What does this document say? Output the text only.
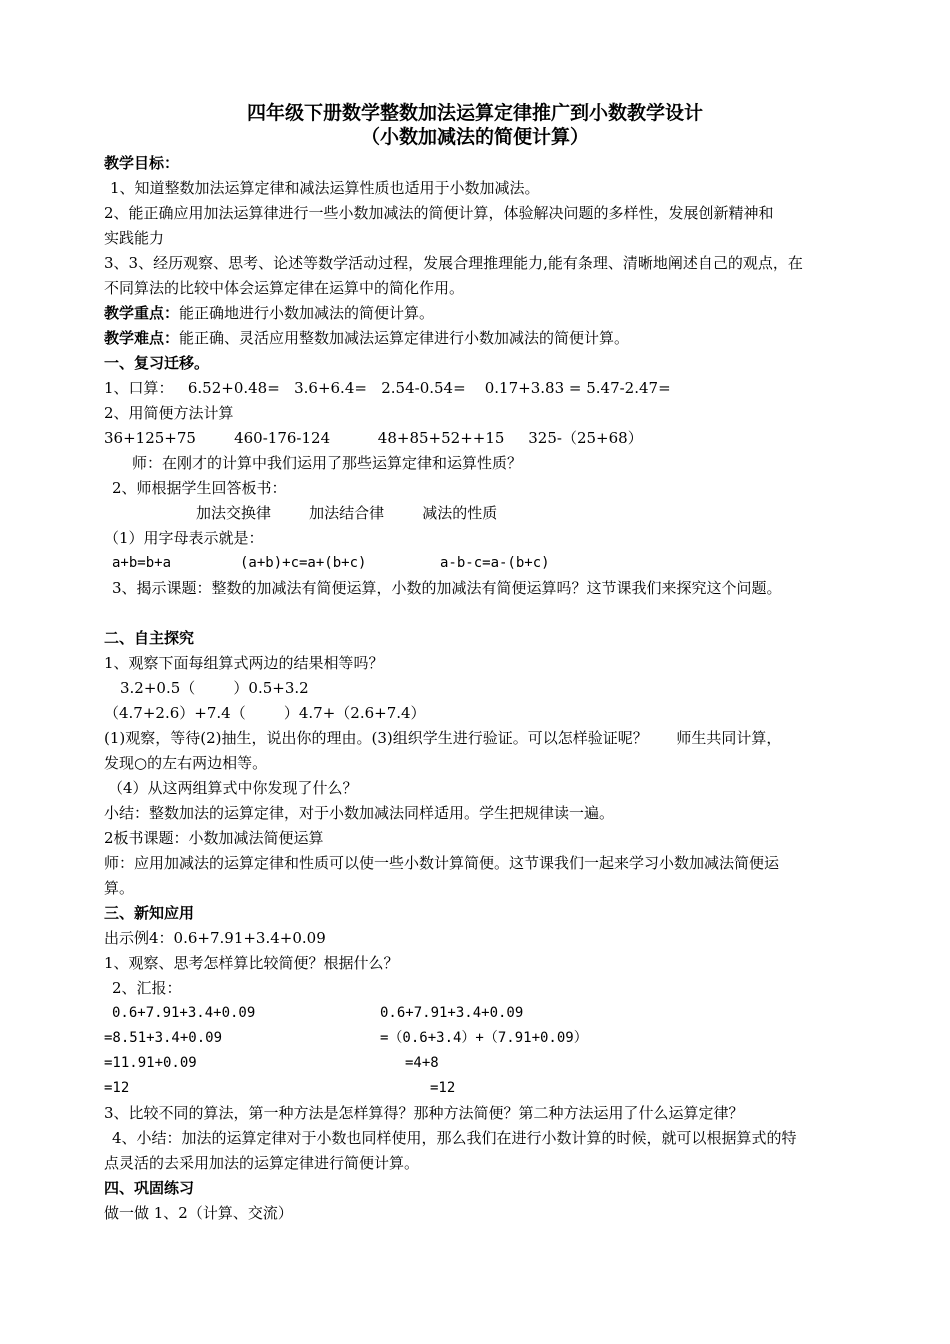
四年级下册数学整数加法运算定律推广到小数教学设计
（小数加减法的简便计算）
教学目标：
1、知道整数加法运算定律和减法运算性质也适用于小数加减法。
2、能正确应用加法运算律进行一些小数加减法的简便计算，体验解决问题的多样性，发展创新精神和
实践能力
3、3、经历观察、思考、论述等数学活动过程，发展合理推理能力,能有条理、清晰地阐述自己的观点，在
不同算法的比较中体会运算定律在运算中的简化作用。
教学重点：能正确地进行小数加减法的简便计算。
教学难点：能正确、灵活应用整数加减法运算定律进行小数加减法的简便计算。
一、复习迁移。
1、口算：   6.52+0.48=   3.6+6.4=   2.54-0.54=    0.17+3.83 = 5.47-2.47=
2、用简便方法计算
36+125+75        460-176-124          48+85+52++15     325-（25+68）
师：在刚才的计算中我们运用了那些运算定律和运算性质？
2、师根据学生回答板书：
加法交换律        加法结合律        减法的性质
（1）用字母表示就是：
a+b=b+a	(a+b)+c=a+(b+c)	a-b-c=a-(b+c)
3、揭示课题：整数的加减法有简便运算，小数的加减法有简便运算吗？这节课我们来探究这个问题。
二、自主探究
1、观察下面每组算式两边的结果相等吗？
3.2+0.5（        ）0.5+3.2
（4.7+2.6）+7.4（        ）4.7+（2.6+7.4）
(1)观察，等待(2)抽生，说出你的理由。(3)组织学生进行验证。可以怎样验证呢？      师生共同计算，
发现○的左右两边相等。
（4）从这两组算式中你发现了什么？
小结：整数加法的运算定律，对于小数加减法同样适用。学生把规律读一遍。
2板书课题：小数加减法简便运算
师：应用加减法的运算定律和性质可以使一些小数计算简便。这节课我们一起来学习小数加减法简便运
算。
三、新知应用
出示例4：0.6+7.91+3.4+0.09
1、观察、思考怎样算比较简便？根据什么？
2、汇报：
0.6+7.91+3.4+0.09
=8.51+3.4+0.09
=11.91+0.09
=12
0.6+7.91+3.4+0.09
=（0.6+3.4）+（7.91+0.09）
=4+8
=12
3、比较不同的算法，第一种方法是怎样算得？那种方法简便？第二种方法运用了什么运算定律？
4、小结：加法的运算定律对于小数也同样使用，那么我们在进行小数计算的时候，就可以根据算式的特
点灵活的去采用加法的运算定律进行简便计算。
四、巩固练习
做一做 1、2（计算、交流）
